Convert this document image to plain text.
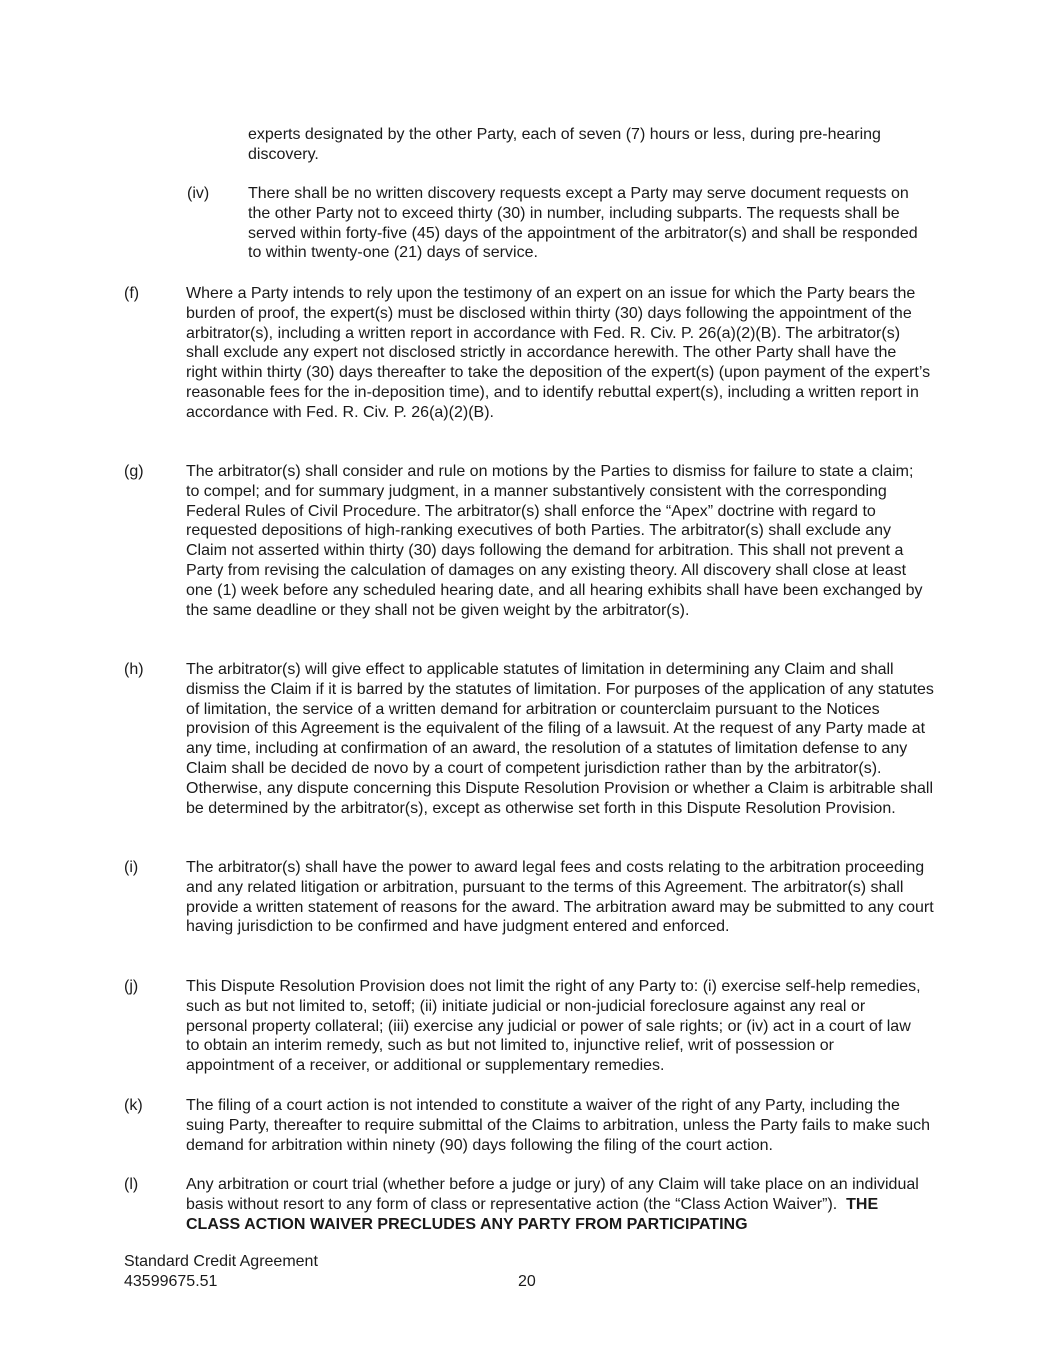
experts designated by the other Party, each of seven (7) hours or less, during pre-hearing discovery.

(iv) There shall be no written discovery requests except a Party may serve document requests on the other Party not to exceed thirty (30) in number, including subparts. The requests shall be served within forty-five (45) days of the appointment of the arbitrator(s) and shall be responded to within twenty-one (21) days of service.

(f)	Where a Party intends to rely upon the testimony of an expert on an issue for which the Party bears the burden of proof, the expert(s) must be disclosed within thirty (30) days following the appointment of the arbitrator(s), including a written report in accordance with Fed. R. Civ. P. 26(a)(2)(B). The arbitrator(s) shall exclude any expert not disclosed strictly in accordance herewith. The other Party shall have the right within thirty (30) days thereafter to take the deposition of the expert(s) (upon payment of the expert’s reasonable fees for the in-deposition time), and to identify rebuttal expert(s), including a written report in accordance with Fed. R. Civ. P. 26(a)(2)(B).

(g)	The arbitrator(s) shall consider and rule on motions by the Parties to dismiss for failure to state a claim; to compel; and for summary judgment, in a manner substantively consistent with the corresponding Federal Rules of Civil Procedure. The arbitrator(s) shall enforce the “Apex” doctrine with regard to requested depositions of high-ranking executives of both Parties. The arbitrator(s) shall exclude any Claim not asserted within thirty (30) days following the demand for arbitration. This shall not prevent a Party from revising the calculation of damages on any existing theory. All discovery shall close at least one (1) week before any scheduled hearing date, and all hearing exhibits shall have been exchanged by the same deadline or they shall not be given weight by the arbitrator(s).

(h)	The arbitrator(s) will give effect to applicable statutes of limitation in determining any Claim and shall dismiss the Claim if it is barred by the statutes of limitation. For purposes of the application of any statutes of limitation, the service of a written demand for arbitration or counterclaim pursuant to the Notices provision of this Agreement is the equivalent of the filing of a lawsuit. At the request of any Party made at any time, including at confirmation of an award, the resolution of a statutes of limitation defense to any Claim shall be decided de novo by a court of competent jurisdiction rather than by the arbitrator(s). Otherwise, any dispute concerning this Dispute Resolution Provision or whether a Claim is arbitrable shall be determined by the arbitrator(s), except as otherwise set forth in this Dispute Resolution Provision.

(i)	The arbitrator(s) shall have the power to award legal fees and costs relating to the arbitration proceeding and any related litigation or arbitration, pursuant to the terms of this Agreement. The arbitrator(s) shall provide a written statement of reasons for the award. The arbitration award may be submitted to any court having jurisdiction to be confirmed and have judgment entered and enforced.

(j)	This Dispute Resolution Provision does not limit the right of any Party to: (i) exercise self-help remedies, such as but not limited to, setoff; (ii) initiate judicial or non-judicial foreclosure against any real or personal property collateral; (iii) exercise any judicial or power of sale rights; or (iv) act in a court of law to obtain an interim remedy, such as but not limited to, injunctive relief, writ of possession or appointment of a receiver, or additional or supplementary remedies.

(k)	The filing of a court action is not intended to constitute a waiver of the right of any Party, including the suing Party, thereafter to require submittal of the Claims to arbitration, unless the Party fails to make such demand for arbitration within ninety (90) days following the filing of the court action.

(l)	Any arbitration or court trial (whether before a judge or jury) of any Claim will take place on an individual basis without resort to any form of class or representative action (the “Class Action Waiver”). THE CLASS ACTION WAIVER PRECLUDES ANY PARTY FROM PARTICIPATING

Standard Credit Agreement

43599675.51	20
